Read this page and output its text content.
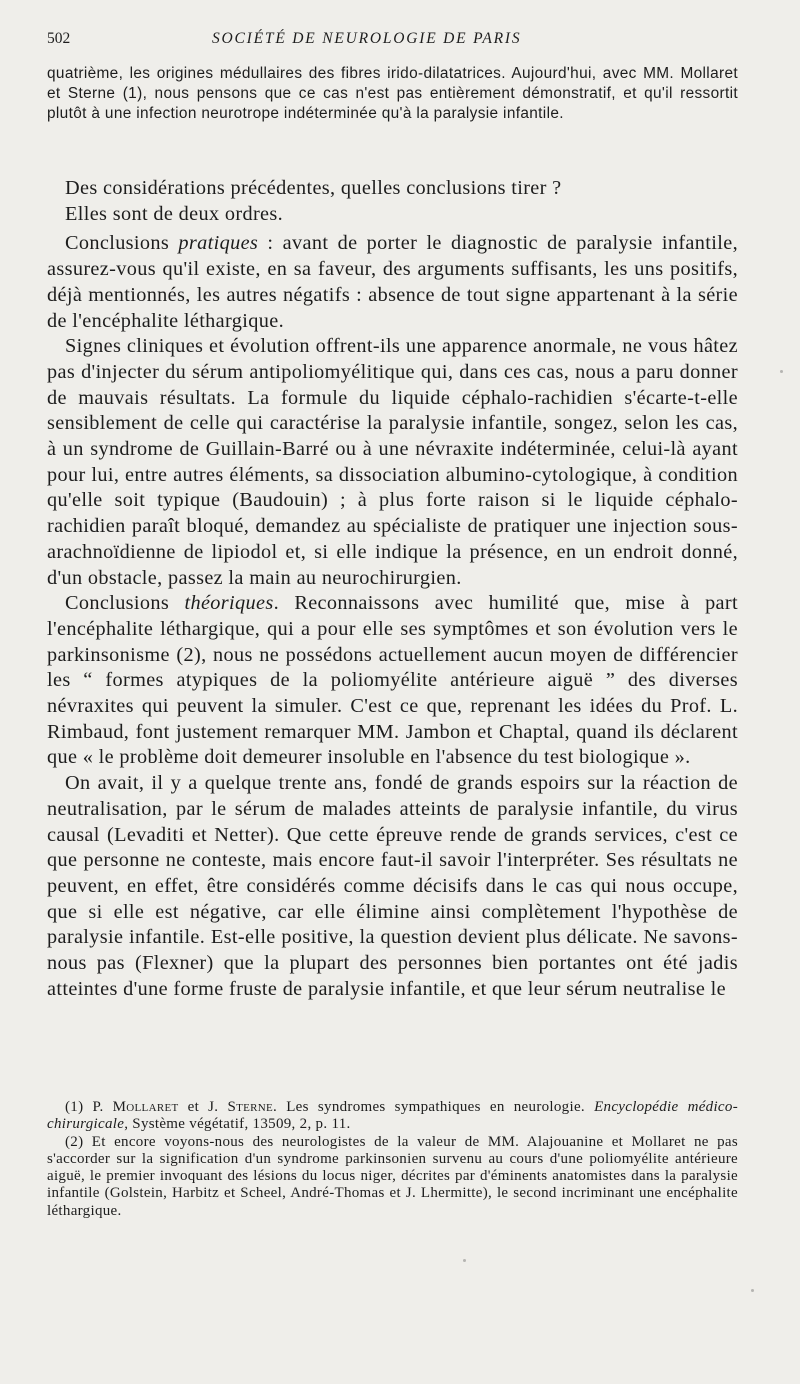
502	SOCIÉTÉ DE NEUROLOGIE DE PARIS

quatrième, les origines médullaires des fibres irido-dilatatrices. Aujourd'hui, avec MM. Mollaret et Sterne (1), nous pensons que ce cas n'est pas entièrement démonstratif, et qu'il ressortit plutôt à une infection neurotrope indéterminée qu'à la paralysie infantile.

Des considérations précédentes, quelles conclusions tirer ?

Elles sont de deux ordres.

Conclusions pratiques : avant de porter le diagnostic de paralysie infantile, assurez-vous qu'il existe, en sa faveur, des arguments suffisants, les uns positifs, déjà mentionnés, les autres négatifs : absence de tout signe appartenant à la série de l'encéphalite léthargique.

Signes cliniques et évolution offrent-ils une apparence anormale, ne vous hâtez pas d'injecter du sérum antipoliomyélitique qui, dans ces cas, nous a paru donner de mauvais résultats. La formule du liquide céphalo-rachidien s'écarte-t-elle sensiblement de celle qui caractérise la paralysie infantile, songez, selon les cas, à un syndrome de Guillain-Barré ou à une névraxite indéterminée, celui-là ayant pour lui, entre autres éléments, sa dissociation albumino-cytologique, à condition qu'elle soit typique (Baudouin) ; à plus forte raison si le liquide céphalo-rachidien paraît bloqué, demandez au spécialiste de pratiquer une injection sous-arachnoïdienne de lipiodol et, si elle indique la présence, en un endroit donné, d'un obstacle, passez la main au neurochirurgien.

Conclusions théoriques. Reconnaissons avec humilité que, mise à part l'encéphalite léthargique, qui a pour elle ses symptômes et son évolution vers le parkinsonisme (2), nous ne possédons actuellement aucun moyen de différencier les “ formes atypiques de la poliomyélite antérieure aiguë ” des diverses névraxites qui peuvent la simuler. C'est ce que, reprenant les idées du Prof. L. Rimbaud, font justement remarquer MM. Jambon et Chaptal, quand ils déclarent que « le problème doit demeurer insoluble en l'absence du test biologique ».

On avait, il y a quelque trente ans, fondé de grands espoirs sur la réaction de neutralisation, par le sérum de malades atteints de paralysie infantile, du virus causal (Levaditi et Netter). Que cette épreuve rende de grands services, c'est ce que personne ne conteste, mais encore faut-il savoir l'interpréter. Ses résultats ne peuvent, en effet, être considérés comme décisifs dans le cas qui nous occupe, que si elle est négative, car elle élimine ainsi complètement l'hypothèse de paralysie infantile. Est-elle positive, la question devient plus délicate. Ne savons-nous pas (Flexner) que la plupart des personnes bien portantes ont été jadis atteintes d'une forme fruste de paralysie infantile, et que leur sérum neutralise le

(1) P. Mollaret et J. Sterne. Les syndromes sympathiques en neurologie. Encyclopédie médico-chirurgicale, Système végétatif, 13509, 2, p. 11.

(2) Et encore voyons-nous des neurologistes de la valeur de MM. Alajouanine et Mollaret ne pas s'accorder sur la signification d'un syndrome parkinsonien survenu au cours d'une poliomyélite antérieure aiguë, le premier invoquant des lésions du locus niger, décrites par d'éminents anatomistes dans la paralysie infantile (Golstein, Harbitz et Scheel, André-Thomas et J. Lhermitte), le second incriminant une encéphalite léthargique.
